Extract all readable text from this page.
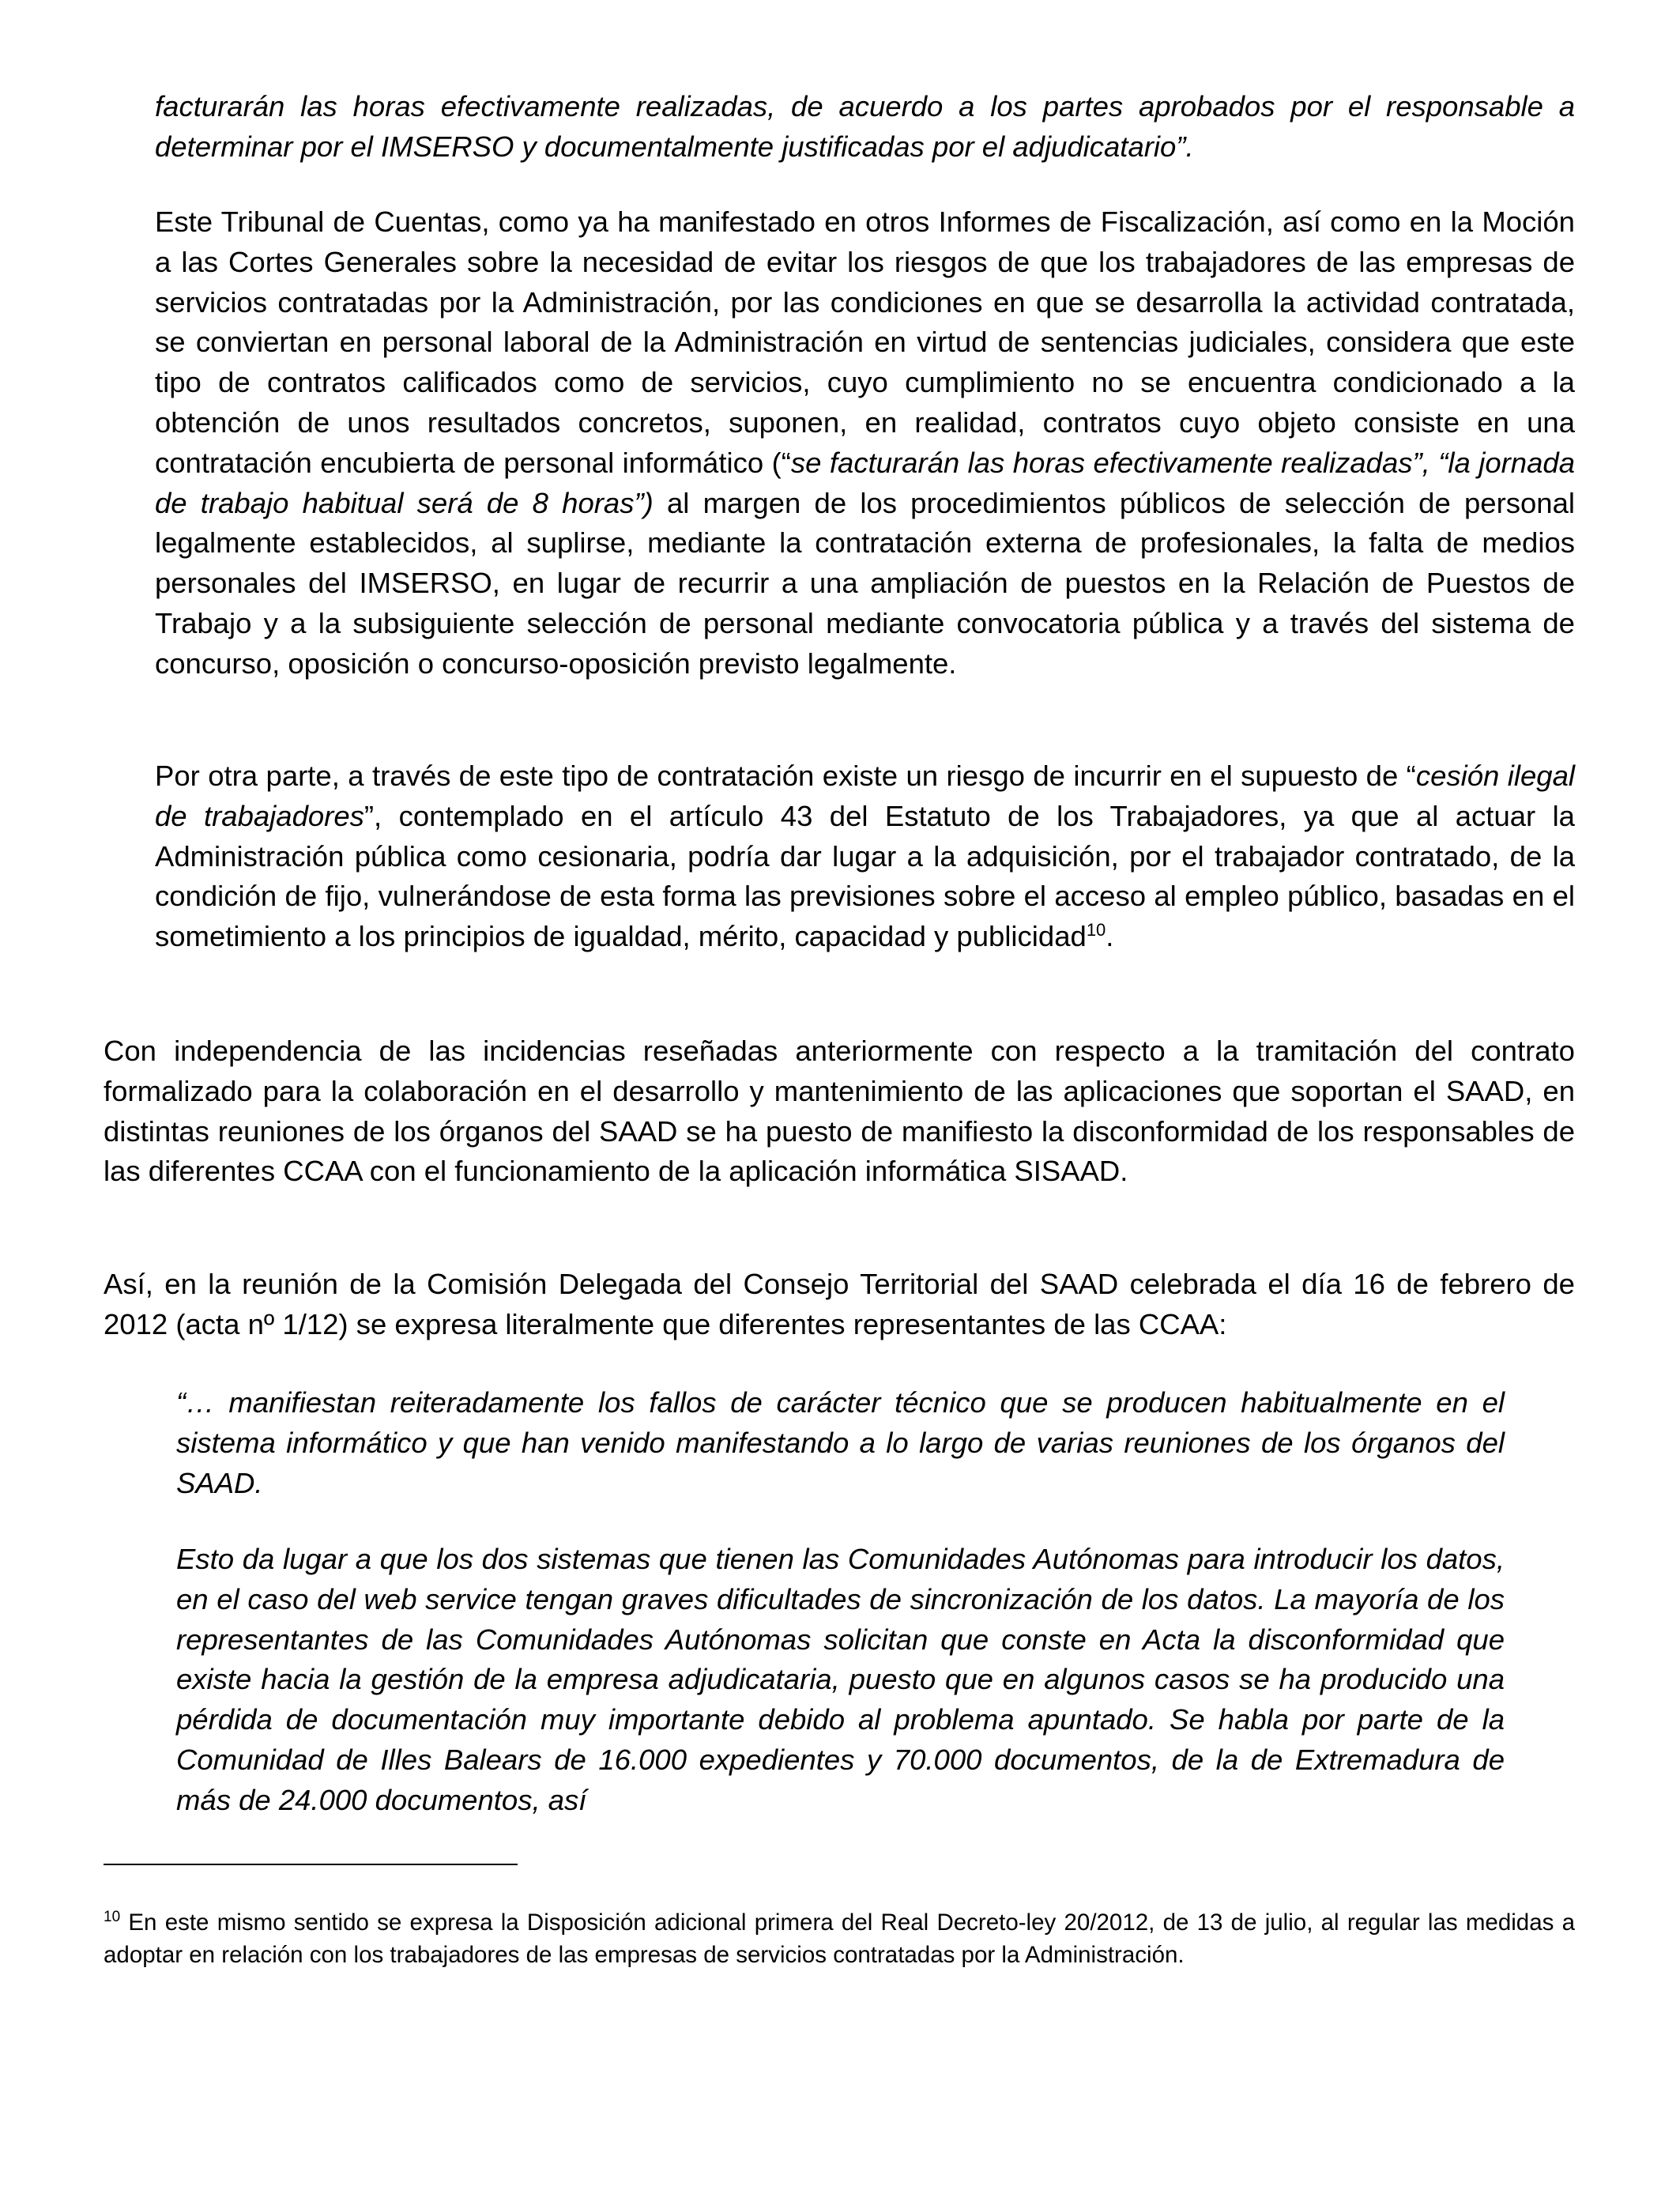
facturarán las horas efectivamente realizadas, de acuerdo a los partes aprobados por el responsable a determinar por el IMSERSO y documentalmente justificadas por el adjudicatario”.

Este Tribunal de Cuentas, como ya ha manifestado en otros Informes de Fiscalización, así como en la Moción a las Cortes Generales sobre la necesidad de evitar los riesgos de que los trabajadores de las empresas de servicios contratadas por la Administración, por las condiciones en que se desarrolla la actividad contratada, se conviertan en personal laboral de la Administración en virtud de sentencias judiciales, considera que este tipo de contratos calificados como de servicios, cuyo cumplimiento no se encuentra condicionado a la obtención de unos resultados concretos, suponen, en realidad, contratos cuyo objeto consiste en una contratación encubierta de personal informático (“se facturarán las horas efectivamente realizadas”, “la jornada de trabajo habitual será de 8 horas”) al margen de los procedimientos públicos de selección de personal legalmente establecidos, al suplirse, mediante la contratación externa de profesionales, la falta de medios personales del IMSERSO, en lugar de recurrir a una ampliación de puestos en la Relación de Puestos de Trabajo y a la subsiguiente selección de personal mediante convocatoria pública y a través del sistema de concurso, oposición o concurso-oposición previsto legalmente.

Por otra parte, a través de este tipo de contratación existe un riesgo de incurrir en el supuesto de “cesión ilegal de trabajadores”, contemplado en el artículo 43 del Estatuto de los Trabajadores, ya que al actuar la Administración pública como cesionaria, podría dar lugar a la adquisición, por el trabajador contratado, de la condición de fijo, vulnerándose de esta forma las previsiones sobre el acceso al empleo público, basadas en el sometimiento a los principios de igualdad, mérito, capacidad y publicidad$^{10}$.

Con independencia de las incidencias reseñadas anteriormente con respecto a la tramitación del contrato formalizado para la colaboración en el desarrollo y mantenimiento de las aplicaciones que soportan el SAAD, en distintas reuniones de los órganos del SAAD se ha puesto de manifiesto la disconformidad de los responsables de las diferentes CCAA con el funcionamiento de la aplicación informática SISAAD.

Así, en la reunión de la Comisión Delegada del Consejo Territorial del SAAD celebrada el día 16 de febrero de 2012 (acta nº 1/12) se expresa literalmente que diferentes representantes de las CCAA:

“… manifiestan reiteradamente los fallos de carácter técnico que se producen habitualmente en el sistema informático y que han venido manifestando a lo largo de varias reuniones de los órganos del SAAD.

Esto da lugar a que los dos sistemas que tienen las Comunidades Autónomas para introducir los datos, en el caso del web service tengan graves dificultades de sincronización de los datos. La mayoría de los representantes de las Comunidades Autónomas solicitan que conste en Acta la disconformidad que existe hacia la gestión de la empresa adjudicataria, puesto que en algunos casos se ha producido una pérdida de documentación muy importante debido al problema apuntado. Se habla por parte de la Comunidad de Illes Balears de 16.000 expedientes y 70.000 documentos, de la de Extremadura de más de 24.000 documentos, así

$^{10}$ En este mismo sentido se expresa la Disposición adicional primera del Real Decreto-ley 20/2012, de 13 de julio, al regular las medidas a adoptar en relación con los trabajadores de las empresas de servicios contratadas por la Administración.
